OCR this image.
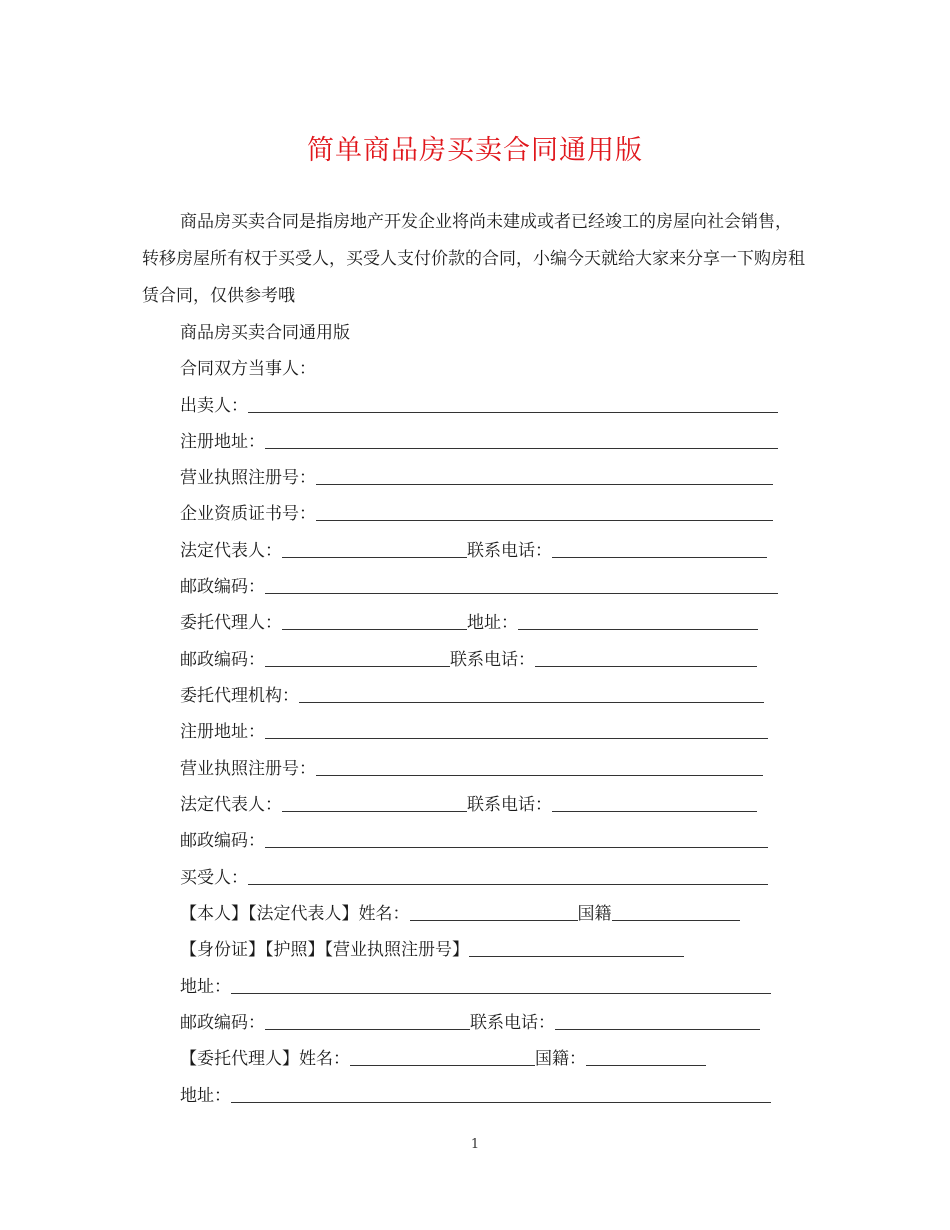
简单商品房买卖合同通用版

商品房买卖合同是指房地产开发企业将尚未建成或者已经竣工的房屋向社会销售，转移房屋所有权于买受人，买受人支付价款的合同，小编今天就给大家来分享一下购房租赁合同，仅供参考哦

商品房买卖合同通用版
合同双方当事人：
出卖人：
注册地址：
营业执照注册号：
企业资质证书号：
法定代表人：	联系电话：
邮政编码：
委托代理人：	地址：
邮政编码：	联系电话：
委托代理机构：
注册地址：
营业执照注册号：
法定代表人：	联系电话：
邮政编码：
买受人：
【本人】【法定代表人】姓名：	国籍
【身份证】【护照】【营业执照注册号】
地址：
邮政编码：	联系电话：
【委托代理人】姓名：	国籍：
地址：
1
